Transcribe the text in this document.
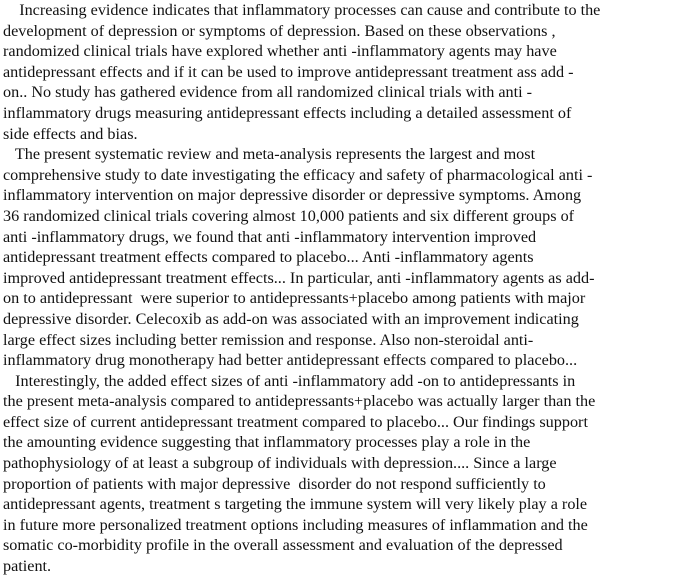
Increasing evidence indicates that inflammatory processes can cause and contribute to the
development of depression or symptoms of depression. Based on these observations ,
randomized clinical trials have explored whether anti -inflammatory agents may have
antidepressant effects and if it can be used to improve antidepressant treatment ass add -
on.. No study has gathered evidence from all randomized clinical trials with anti -
inflammatory drugs measuring antidepressant effects including a detailed assessment of
side effects and bias.
The present systematic review and meta-analysis represents the largest and most
comprehensive study to date investigating the efficacy and safety of pharmacological anti -
inflammatory intervention on major depressive disorder or depressive symptoms. Among
36 randomized clinical trials covering almost 10,000 patients and six different groups of
anti -inflammatory drugs, we found that anti -inflammatory intervention improved
antidepressant treatment effects compared to placebo... Anti -inflammatory agents
improved antidepressant treatment effects... In particular, anti -inflammatory agents as add-
on to antidepressant  were superior to antidepressants+placebo among patients with major
depressive disorder. Celecoxib as add-on was associated with an improvement indicating
large effect sizes including better remission and response. Also non-steroidal anti-
inflammatory drug monotherapy had better antidepressant effects compared to placebo...
Interestingly, the added effect sizes of anti -inflammatory add -on to antidepressants in
the present meta-analysis compared to antidepressants+placebo was actually larger than the
effect size of current antidepressant treatment compared to placebo... Our findings support
the amounting evidence suggesting that inflammatory processes play a role in the
pathophysiology of at least a subgroup of individuals with depression.... Since a large
proportion of patients with major depressive  disorder do not respond sufficiently to
antidepressant agents, treatment s targeting the immune system will very likely play a role
in future more personalized treatment options including measures of inflammation and the
somatic co-morbidity profile in the overall assessment and evaluation of the depressed
patient.
